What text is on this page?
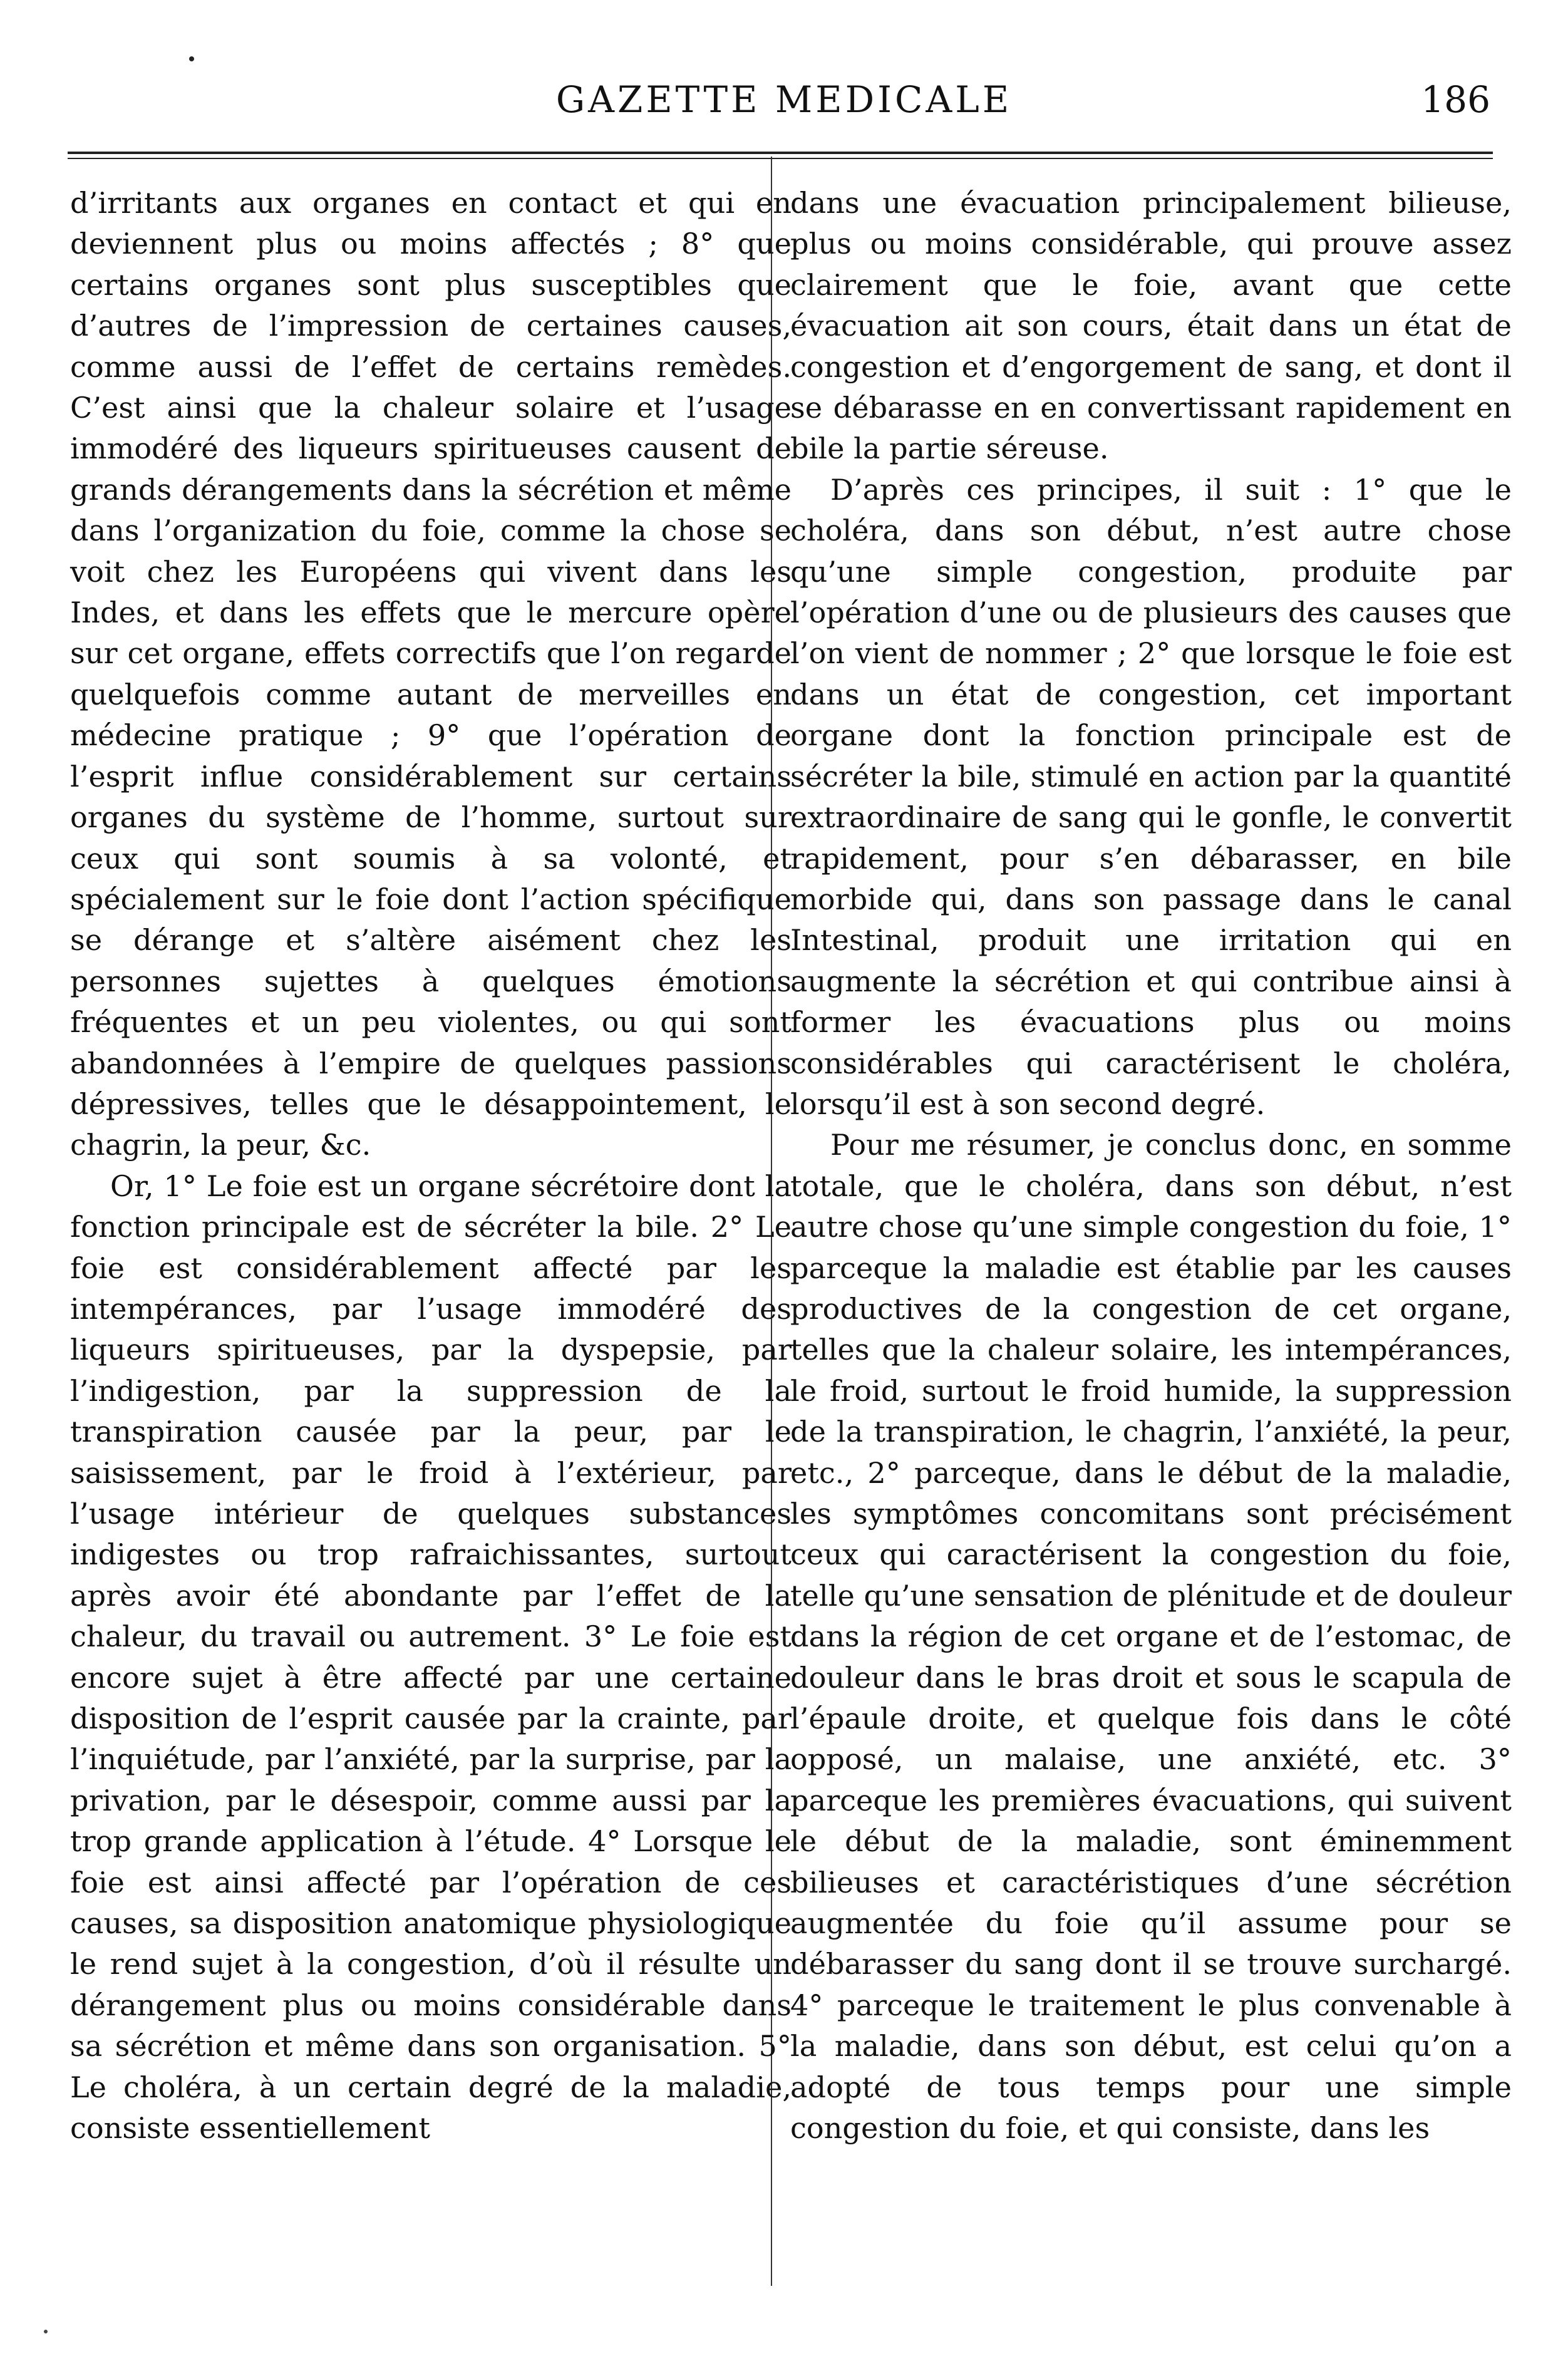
GAZETTE MEDICALE	186

d’irritants aux organes en contact et qui en deviennent plus ou moins affectés ; 8° que certains organes sont plus susceptibles que d’autres de l’impression de certaines causes, comme aussi de l’effet de certains remèdes. C’est ainsi que la chaleur solaire et l’usage immodéré des liqueurs spiritueuses causent de grands dérangements dans la sécrétion et même dans l’organization du foie, comme la chose se voit chez les Européens qui vivent dans les Indes, et dans les effets que le mercure opère sur cet organe, effets correctifs que l’on regarde quelquefois comme autant de merveilles en médecine pratique ; 9° que l’opération de l’esprit influe considérablement sur certains organes du système de l’homme, surtout sur ceux qui sont soumis à sa volonté, et spécialement sur le foie dont l’action spécifique se dérange et s’altère aisément chez les personnes sujettes à quelques émotions fréquentes et un peu violentes, ou qui sont abandonnées à l’empire de quelques passions dépressives, telles que le désappointement, le chagrin, la peur, &c.

Or, 1° Le foie est un organe sécrétoire dont la fonction principale est de sécréter la bile. 2° Le foie est considérablement affecté par les intempérances, par l’usage immodéré des liqueurs spiritueuses, par la dyspepsie, par l’indigestion, par la suppression de la transpiration causée par la peur, par le saisissement, par le froid à l’extérieur, par l’usage intérieur de quelques substances indigestes ou trop rafraichissantes, surtout après avoir été abondante par l’effet de la chaleur, du travail ou autrement. 3° Le foie est encore sujet à être affecté par une certaine disposition de l’esprit causée par la crainte, par l’inquiétude, par l’anxiété, par la surprise, par la privation, par le désespoir, comme aussi par la trop grande application à l’étude. 4° Lorsque le foie est ainsi affecté par l’opération de ces causes, sa disposition anatomique physiologique le rend sujet à la congestion, d’où il résulte un dérangement plus ou moins considérable dans sa sécrétion et même dans son organisation. 5° Le choléra, à un certain degré de la maladie, consiste essentiellement

dans une évacuation principalement bilieuse, plus ou moins considérable, qui prouve assez clairement que le foie, avant que cette évacuation ait son cours, était dans un état de congestion et d’engorgement de sang, et dont il se débarasse en en convertissant rapidement en bile la partie séreuse.

D’après ces principes, il suit : 1° que le choléra, dans son début, n’est autre chose qu’une simple congestion, produite par l’opération d’une ou de plusieurs des causes que l’on vient de nommer ; 2° que lorsque le foie est dans un état de congestion, cet important organe dont la fonction principale est de sécréter la bile, stimulé en action par la quantité extraordinaire de sang qui le gonfle, le convertit rapidement, pour s’en débarasser, en bile morbide qui, dans son passage dans le canal Intestinal, produit une irritation qui en augmente la sécrétion et qui contribue ainsi à former les évacuations plus ou moins considérables qui caractérisent le choléra, lorsqu’il est à son second degré.

Pour me résumer, je conclus donc, en somme totale, que le choléra, dans son début, n’est autre chose qu’une simple congestion du foie, 1° parceque la maladie est établie par les causes productives de la congestion de cet organe, telles que la chaleur solaire, les intempérances, le froid, surtout le froid humide, la suppression de la transpiration, le chagrin, l’anxiété, la peur, etc., 2° parceque, dans le début de la maladie, les symptômes concomitans sont précisément ceux qui caractérisent la congestion du foie, telle qu’une sensation de plénitude et de douleur dans la région de cet organe et de l’estomac, de douleur dans le bras droit et sous le scapula de l’épaule droite, et quelque fois dans le côté opposé, un malaise, une anxiété, etc. 3° parceque les premières évacuations, qui suivent le début de la maladie, sont éminemment bilieuses et caractéristiques d’une sécrétion augmentée du foie qu’il assume pour se débarasser du sang dont il se trouve surchargé. 4° parceque le traitement le plus convenable à la maladie, dans son début, est celui qu’on a adopté de tous temps pour une simple congestion du foie, et qui consiste, dans les
